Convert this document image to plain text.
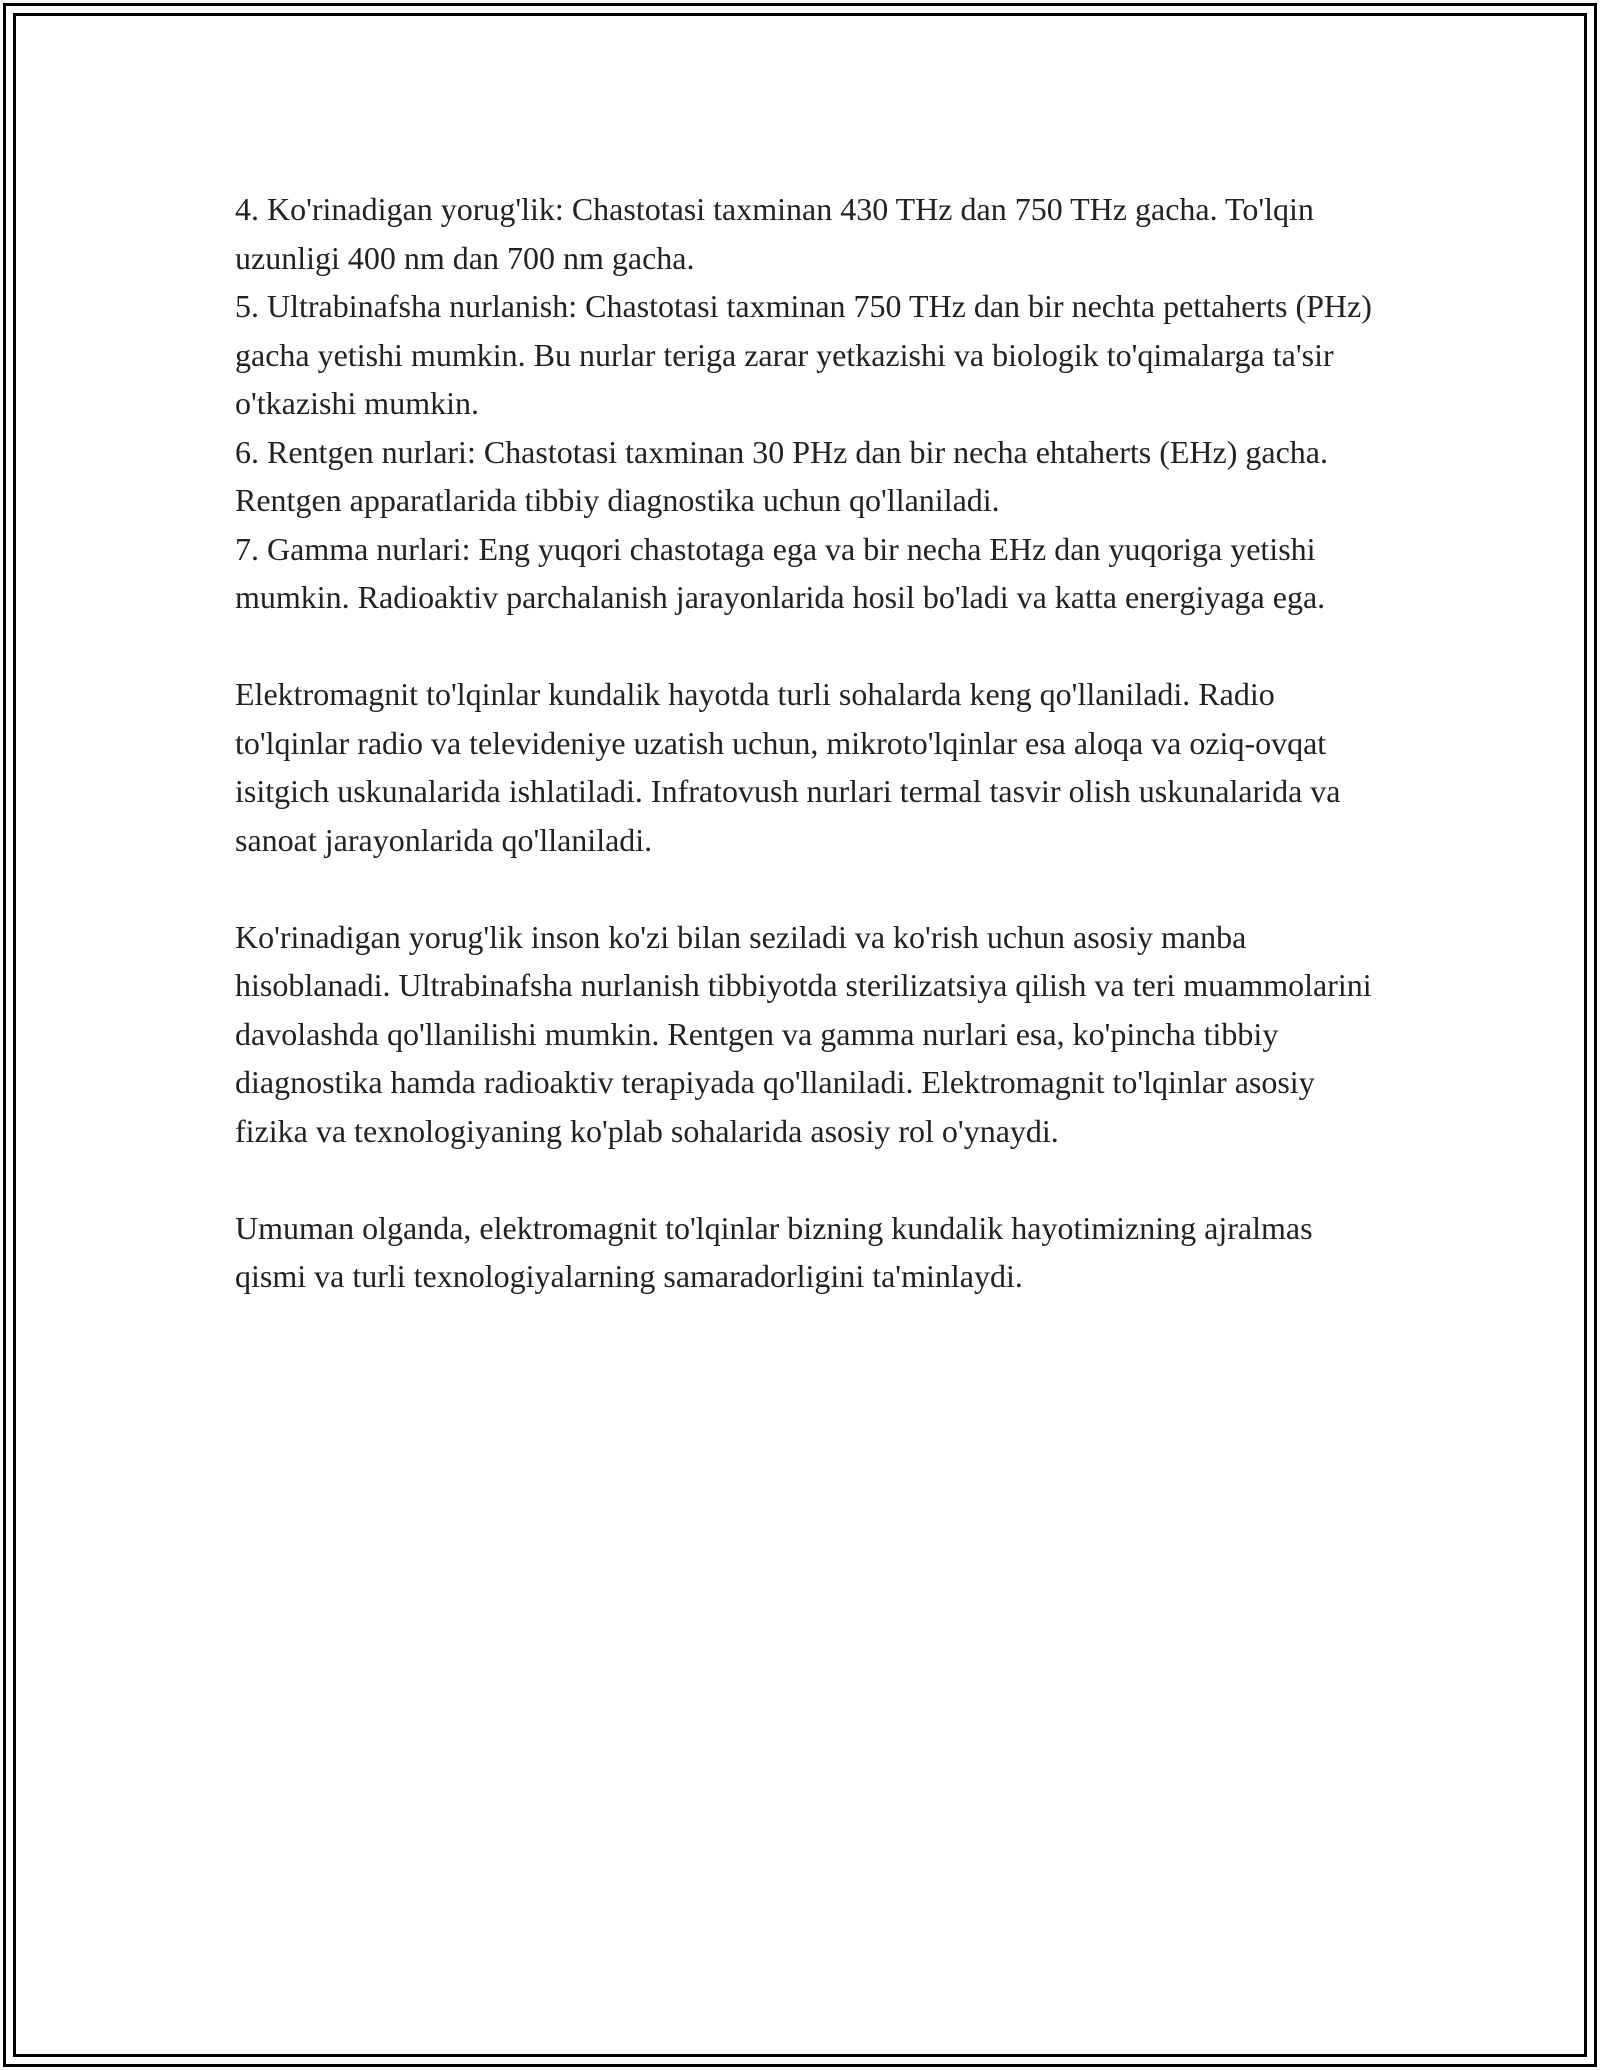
4. Ko'rinadigan yorug'lik: Chastotasi taxminan 430 THz dan 750 THz gacha. To'lqin uzunligi 400 nm dan 700 nm gacha.

5. Ultrabinafsha nurlanish: Chastotasi taxminan 750 THz dan bir nechta pettaherts (PHz) gacha yetishi mumkin. Bu nurlar teriga zarar yetkazishi va biologik to'qimalarga ta'sir o'tkazishi mumkin.

6. Rentgen nurlari: Chastotasi taxminan 30 PHz dan bir necha ehtaherts (EHz) gacha. Rentgen apparatlarida tibbiy diagnostika uchun qo'llaniladi.

7. Gamma nurlari: Eng yuqori chastotaga ega va bir necha EHz dan yuqoriga yetishi mumkin. Radioaktiv parchalanish jarayonlarida hosil bo'ladi va katta energiyaga ega.

Elektromagnit to'lqinlar kundalik hayotda turli sohalarda keng qo'llaniladi. Radio to'lqinlar radio va televideniye uzatish uchun, mikroto'lqinlar esa aloqa va oziq-ovqat isitgich uskunalarida ishlatiladi. Infratovush nurlari termal tasvir olish uskunalarida va sanoat jarayonlarida qo'llaniladi.

Ko'rinadigan yorug'lik inson ko'zi bilan seziladi va ko'rish uchun asosiy manba hisoblanadi. Ultrabinafsha nurlanish tibbiyotda sterilizatsiya qilish va teri muammolarini davolashda qo'llanilishi mumkin. Rentgen va gamma nurlari esa, ko'pincha tibbiy diagnostika hamda radioaktiv terapiyada qo'llaniladi. Elektromagnit to'lqinlar asosiy fizika va texnologiyaning ko'plab sohalarida asosiy rol o'ynaydi.

Umuman olganda, elektromagnit to'lqinlar bizning kundalik hayotimizning ajralmas qismi va turli texnologiyalarning samaradorligini ta'minlaydi.
